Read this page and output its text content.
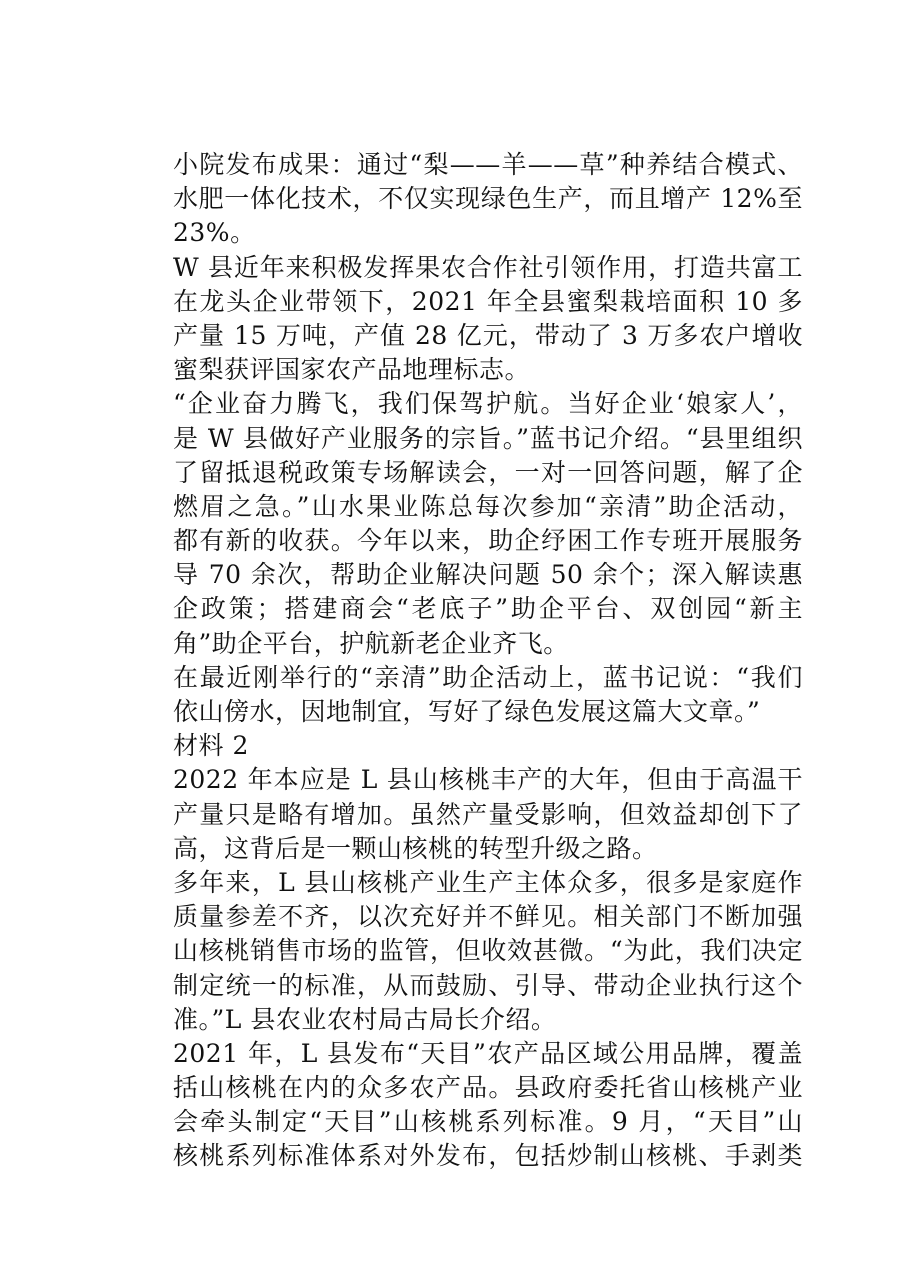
小院发布成果：通过“梨——羊——草”种养结合模式、
水肥一体化技术，不仅实现绿色生产，而且增产 12%至
23%。
W 县近年来积极发挥果农合作社引领作用，打造共富工
在龙头企业带领下，2021 年全县蜜梨栽培面积 10 多
产量 15 万吨，产值 28 亿元，带动了 3 万多农户增收
蜜梨获评国家农产品地理标志。
“企业奋力腾飞，我们保驾护航。当好企业‘娘家人’，
是 W 县做好产业服务的宗旨。”蓝书记介绍。“县里组织
了留抵退税政策专场解读会，一对一回答问题，解了企
燃眉之急。”山水果业陈总每次参加“亲清”助企活动，
都有新的收获。今年以来，助企纾困工作专班开展服务
导 70 余次，帮助企业解决问题 50 余个；深入解读惠
企政策；搭建商会“老底子”助企平台、双创园“新主
角”助企平台，护航新老企业齐飞。
在最近刚举行的“亲清”助企活动上，蓝书记说：“我们
依山傍水，因地制宜，写好了绿色发展这篇大文章。”
材料 2
2022 年本应是 L 县山核桃丰产的大年，但由于高温干
产量只是略有增加。虽然产量受影响，但效益却创下了
高，这背后是一颗山核桃的转型升级之路。
多年来，L 县山核桃产业生产主体众多，很多是家庭作
质量参差不齐，以次充好并不鲜见。相关部门不断加强
山核桃销售市场的监管，但收效甚微。“为此，我们决定
制定统一的标准，从而鼓励、引导、带动企业执行这个
准。”L 县农业农村局古局长介绍。
2021 年，L 县发布“天目”农产品区域公用品牌，覆盖
括山核桃在内的众多农产品。县政府委托省山核桃产业
会牵头制定“天目”山核桃系列标准。9 月，“天目”山
核桃系列标准体系对外发布，包括炒制山核桃、手剥类
